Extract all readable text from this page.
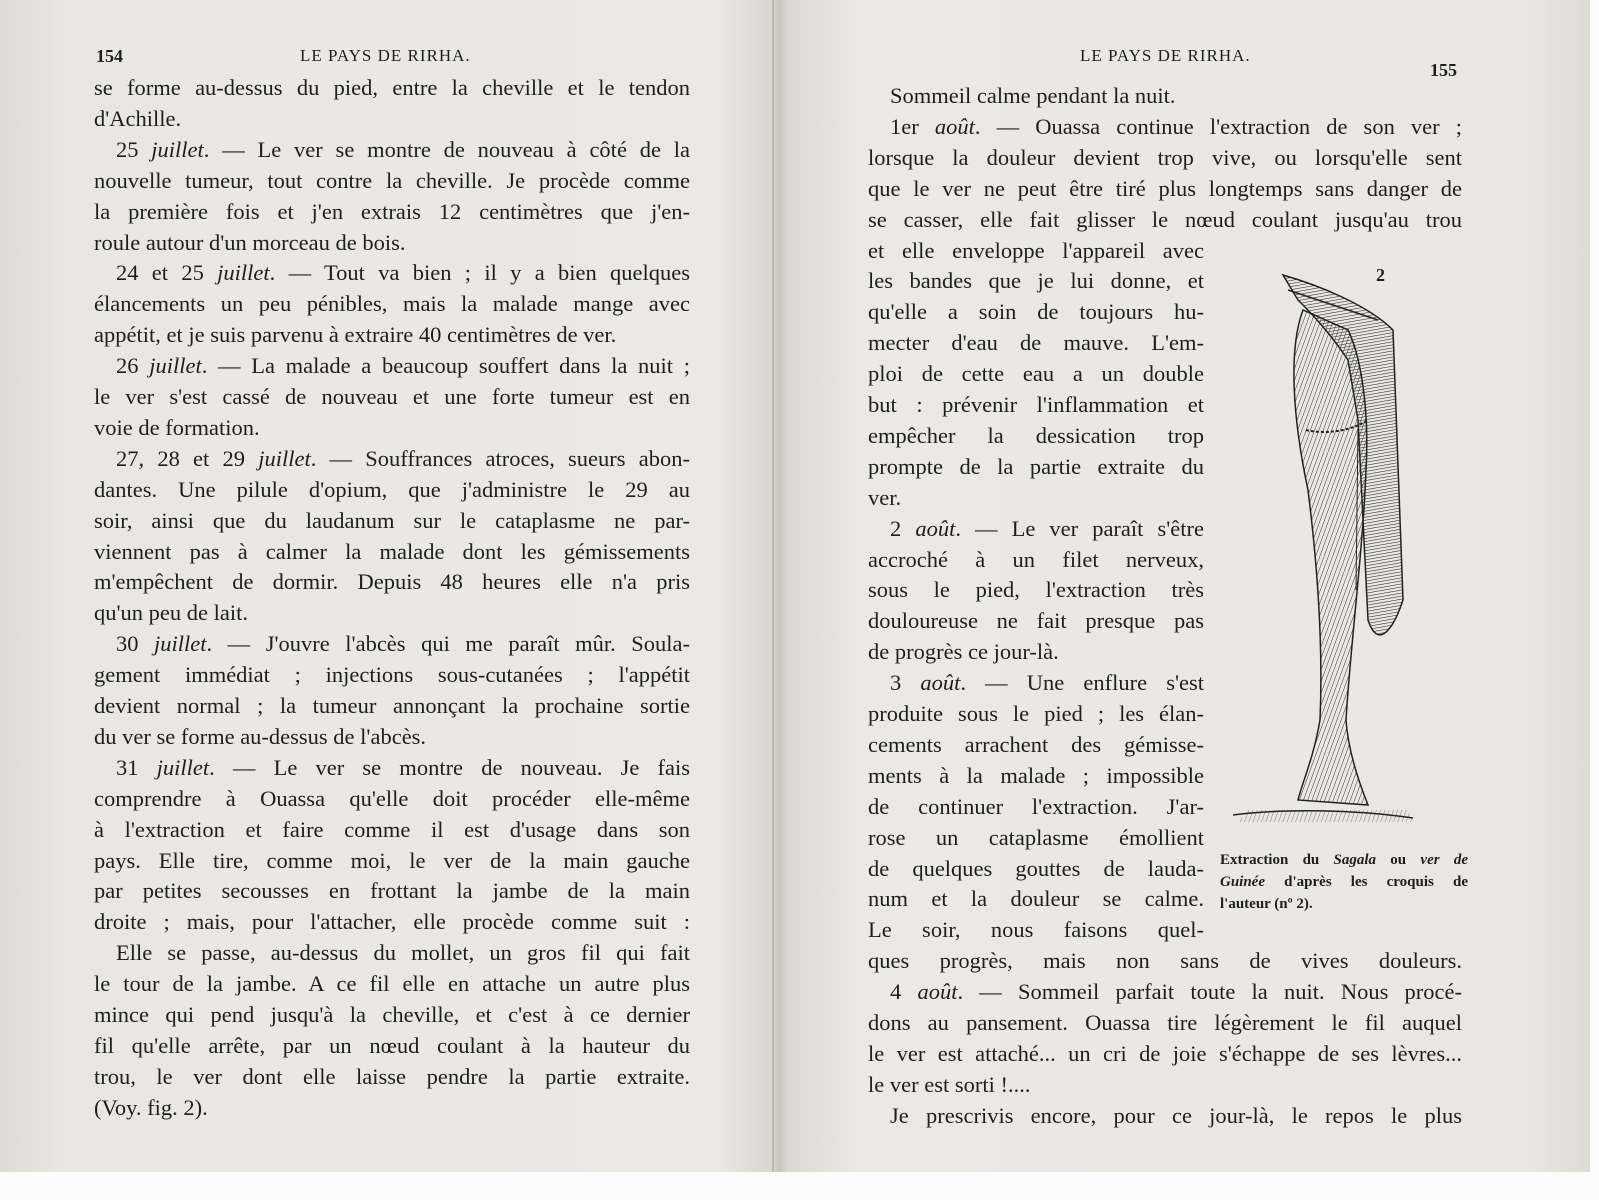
154	LE PAYS DE RIRHA.	LE PAYS DE RIRHA.
155
se forme au-dessus du pied, entre la cheville et le tendon
d'Achille.
25 juillet. — Le ver se montre de nouveau à côté de la
nouvelle tumeur, tout contre la cheville. Je procède comme
la première fois et j'en extrais 12 centimètres que j'en-
roule autour d'un morceau de bois.
24 et 25 juillet. — Tout va bien ; il y a bien quelques
élancements un peu pénibles, mais la malade mange avec
appétit, et je suis parvenu à extraire 40 centimètres de ver.
26 juillet. — La malade a beaucoup souffert dans la nuit ;
le ver s'est cassé de nouveau et une forte tumeur est en
voie de formation.
27, 28 et 29 juillet. — Souffrances atroces, sueurs abon-
dantes. Une pilule d'opium, que j'administre le 29 au
soir, ainsi que du laudanum sur le cataplasme ne par-
viennent pas à calmer la malade dont les gémissements
m'empêchent de dormir. Depuis 48 heures elle n'a pris
qu'un peu de lait.
30 juillet. — J'ouvre l'abcès qui me paraît mûr. Soula-
gement immédiat ; injections sous-cutanées ; l'appétit
devient normal ; la tumeur annonçant la prochaine sortie
du ver se forme au-dessus de l'abcès.
31 juillet. — Le ver se montre de nouveau. Je fais
comprendre à Ouassa qu'elle doit procéder elle-même
à l'extraction et faire comme il est d'usage dans son
pays. Elle tire, comme moi, le ver de la main gauche
par petites secousses en frottant la jambe de la main
droite ; mais, pour l'attacher, elle procède comme suit :
Elle se passe, au-dessus du mollet, un gros fil qui fait
le tour de la jambe. A ce fil elle en attache un autre plus
mince qui pend jusqu'à la cheville, et c'est à ce dernier
fil qu'elle arrête, par un nœud coulant à la hauteur du
trou, le ver dont elle laisse pendre la partie extraite.
(Voy. fig. 2).
Sommeil calme pendant la nuit.
1er août. — Ouassa continue l'extraction de son ver ;
lorsque la douleur devient trop vive, ou lorsqu'elle sent
que le ver ne peut être tiré plus longtemps sans danger de
se casser, elle fait glisser le nœud coulant jusqu'au trou
et elle enveloppe l'appareil avec
les bandes que je lui donne, et
qu'elle a soin de toujours hu-
mecter d'eau de mauve. L'em-
ploi de cette eau a un double
but : prévenir l'inflammation et
empêcher la dessication trop
prompte de la partie extraite du
ver.
2 août. — Le ver paraît s'être
accroché à un filet nerveux,
sous le pied, l'extraction très
douloureuse ne fait presque pas
de progrès ce jour-là.
3 août. — Une enflure s'est
produite sous le pied ; les élan-
cements arrachent des gémisse-
ments à la malade ; impossible
de continuer l'extraction. J'ar-
rose un cataplasme émollient
de quelques gouttes de lauda-
num et la douleur se calme.
Le soir, nous faisons quel-
ques progrès, mais non sans de vives douleurs.
4 août. — Sommeil parfait toute la nuit. Nous procé-
dons au pansement. Ouassa tire légèrement le fil auquel
le ver est attaché... un cri de joie s'échappe de ses lèvres...
le ver est sorti !....
Je prescrivis encore, pour ce jour-là, le repos le plus
2
Extraction du Sagala ou ver de
Guinée d'après les croquis de
l'auteur (nº 2).
